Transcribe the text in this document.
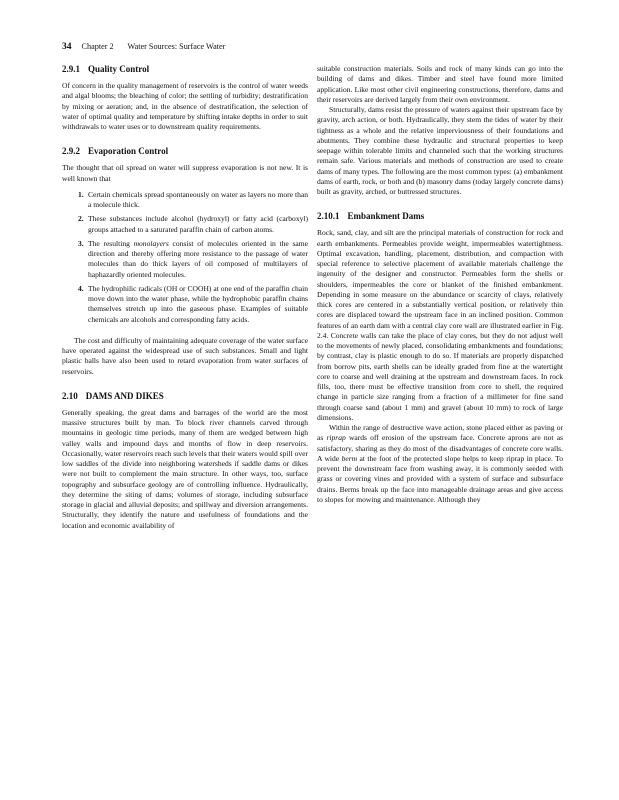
34 Chapter 2 Water Sources: Surface Water
2.9.1 Quality Control

Of concern in the quality management of reservoirs is the control of water weeds and algal blooms; the bleaching of color; the settling of turbidity; destratification by mixing or aeration; and, in the absence of destratification, the selection of water of optimal quality and temperature by shifting intake depths in order to suit withdrawals to water uses or to downstream quality requirements.

2.9.2 Evaporation Control

The thought that oil spread on water will suppress evaporation is not new. It is well known that

1. Certain chemicals spread spontaneously on water as layers no more than a molecule thick.
2. These substances include alcohol (hydroxyl) or fatty acid (carboxyl) groups attached to a saturated paraffin chain of carbon atoms.
3. The resulting monolayers consist of molecules oriented in the same direction and thereby offering more resistance to the passage of water molecules than do thick layers of oil composed of multilayers of haphazardly oriented molecules.
4. The hydrophilic radicals (OH or COOH) at one end of the paraffin chain move down into the water phase, while the hydrophobic paraffin chains themselves stretch up into the gaseous phase. Examples of suitable chemicals are alcohols and corresponding fatty acids.

The cost and difficulty of maintaining adequate coverage of the water surface have operated against the widespread use of such substances. Small and light plastic balls have also been used to retard evaporation from water surfaces of reservoirs.

2.10 DAMS AND DIKES

Generally speaking, the great dams and barrages of the world are the most massive structures built by man. To block river channels carved through mountains in geologic time periods, many of them are wedged between high valley walls and impound days and months of flow in deep reservoirs. Occasionally, water reservoirs reach such levels that their waters would spill over low saddles of the divide into neighboring watersheds if saddle dams or dikes were not built to complement the main structure. In other ways, too, surface topography and subsurface geology are of controlling influence. Hydraulically, they determine the siting of dams; volumes of storage, including subsurface storage in glacial and alluvial deposits; and spillway and diversion arrangements. Structurally, they identify the nature and usefulness of foundations and the location and economic availability of

suitable construction materials. Soils and rock of many kinds can go into the building of dams and dikes. Timber and steel have found more limited application. Like most other civil engineering constructions, therefore, dams and their reservoirs are derived largely from their own environment.

Structurally, dams resist the pressure of waters against their upstream face by gravity, arch action, or both. Hydraulically, they stem the tides of water by their tightness as a whole and the relative imperviousness of their foundations and abutments. They combine these hydraulic and structural properties to keep seepage within tolerable limits and channeled such that the working structures remain safe. Various materials and methods of construction are used to create dams of many types. The following are the most common types: (a) embankment dams of earth, rock, or both and (b) masonry dams (today largely concrete dams) built as gravity, arched, or buttressed structures.

2.10.1 Embankment Dams

Rock, sand, clay, and silt are the principal materials of construction for rock and earth embankments. Permeables provide weight, impermeables watertightness. Optimal excavation, handling, placement, distribution, and compaction with special reference to selective placement of available materials challenge the ingenuity of the designer and constructor. Permeables form the shells or shoulders, impermeables the core or blanket of the finished embankment. Depending in some measure on the abundance or scarcity of clays, relatively thick cores are centered in a substantially vertical position, or relatively thin cores are displaced toward the upstream face in an inclined position. Common features of an earth dam with a central clay core wall are illustrated earlier in Fig. 2.4. Concrete walls can take the place of clay cores, but they do not adjust well to the movements of newly placed, consolidating embankments and foundations; by contrast, clay is plastic enough to do so. If materials are properly dispatched from borrow pits, earth shells can be ideally graded from fine at the watertight core to coarse and well draining at the upstream and downstream faces. In rock fills, too, there must be effective transition from core to shell, the required change in particle size ranging from a fraction of a millimeter for fine sand through coarse sand (about 1 mm) and gravel (about 10 mm) to rock of large dimensions.

Within the range of destructive wave action, stone placed either as paving or as riprap wards off erosion of the upstream face. Concrete aprons are not as satisfactory, sharing as they do most of the disadvantages of concrete core walls. A wide berm at the foot of the protected slope helps to keep riprap in place. To prevent the downstream face from washing away, it is commonly seeded with grass or covering vines and provided with a system of surface and subsurface drains. Berms break up the face into manageable drainage areas and give access to slopes for mowing and maintenance. Although they
